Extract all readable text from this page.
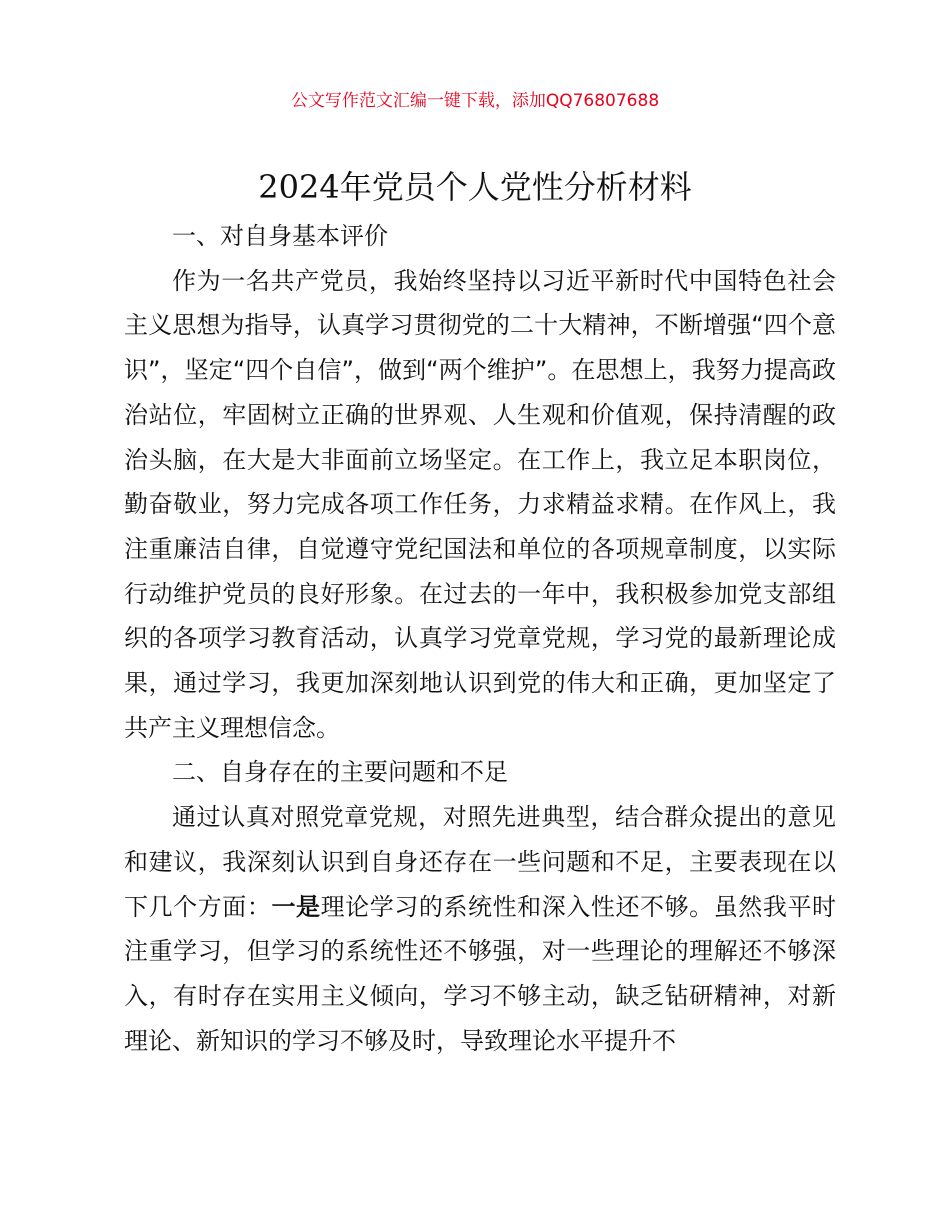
公文写作范文汇编一键下载，添加QQ76807688
2024年党员个人党性分析材料

一、对自身基本评价

作为一名共产党员，我始终坚持以习近平新时代中国特色社会主义思想为指导，认真学习贯彻党的二十大精神，不断增强“四个意识”，坚定“四个自信”，做到“两个维护”。在思想上，我努力提高政治站位，牢固树立正确的世界观、人生观和价值观，保持清醒的政治头脑，在大是大非面前立场坚定。在工作上，我立足本职岗位，勤奋敬业，努力完成各项工作任务，力求精益求精。在作风上，我注重廉洁自律，自觉遵守党纪国法和单位的各项规章制度，以实际行动维护党员的良好形象。在过去的一年中，我积极参加党支部组织的各项学习教育活动，认真学习党章党规，学习党的最新理论成果，通过学习，我更加深刻地认识到党的伟大和正确，更加坚定了共产主义理想信念。

二、自身存在的主要问题和不足

通过认真对照党章党规，对照先进典型，结合群众提出的意见和建议，我深刻认识到自身还存在一些问题和不足，主要表现在以下几个方面：一是理论学习的系统性和深入性还不够。虽然我平时注重学习，但学习的系统性还不够强，对一些理论的理解还不够深入，有时存在实用主义倾向，学习不够主动，缺乏钻研精神，对新理论、新知识的学习不够及时，导致理论水平提升不
